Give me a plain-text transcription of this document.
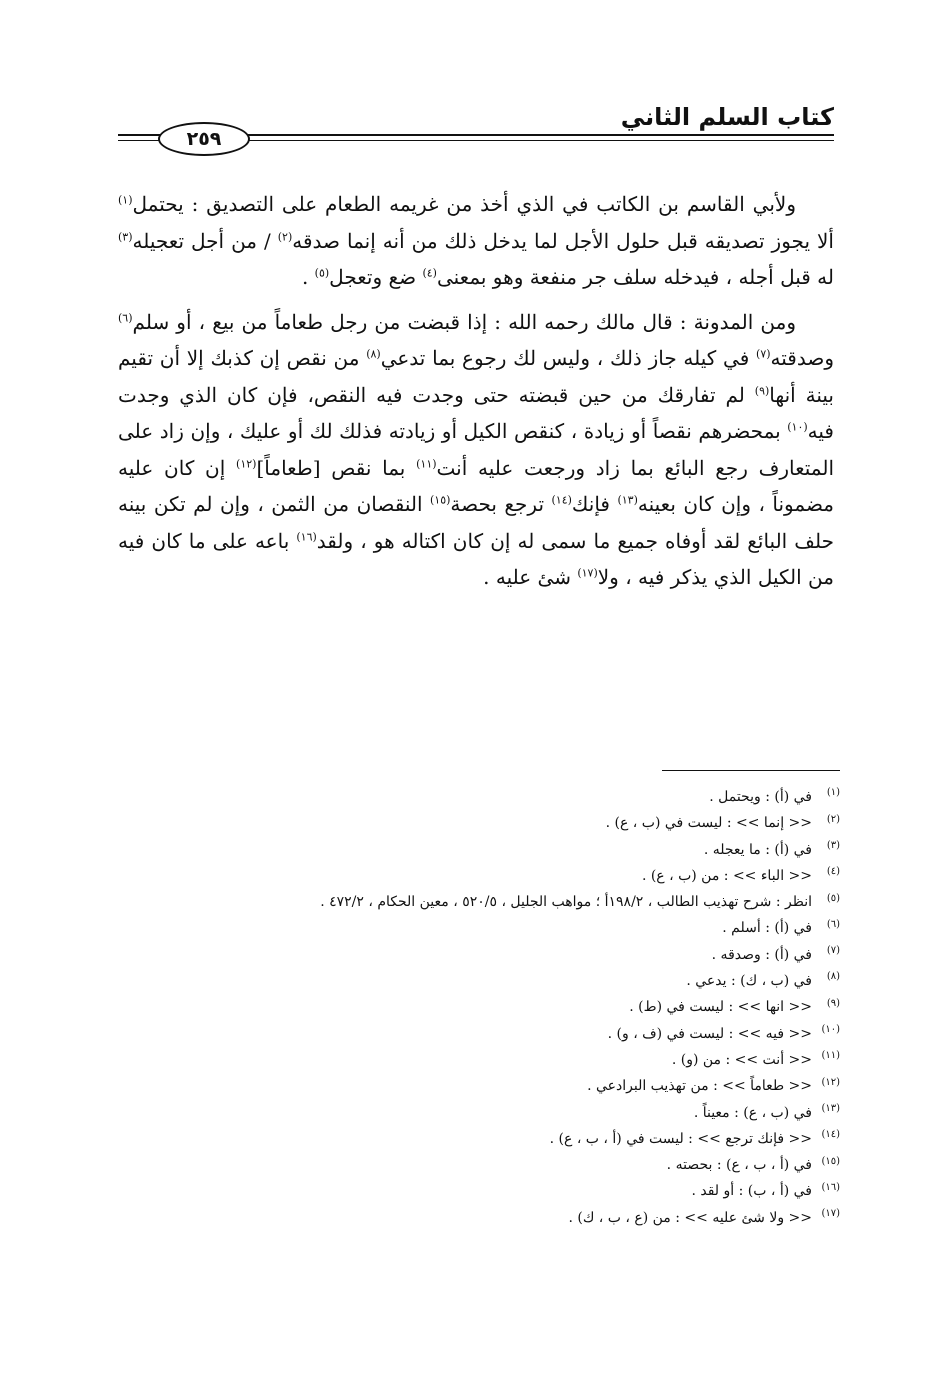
كتاب السلم الثاني
٢٥٩

ولأبي القاسم بن الكاتب في الذي أخذ من غريمه الطعام على التصديق : يحتمل$^{(١)}$ ألا يجوز تصديقه قبل حلول الأجل لما يدخل ذلك من أنه إنما صدقه$^{(٢)}$ / من أجل تعجيله$^{(٣)}$ له قبل أجله ، فيدخله سلف جر منفعة وهو بمعنى$^{(٤)}$ ضع وتعجل$^{(٥)}$ .

ومن المدونة : قال مالك رحمه الله : إذا قبضت من رجل طعاماً من بيع ، أو سلم$^{(٦)}$ وصدقته$^{(٧)}$ في كيله جاز ذلك ، وليس لك رجوع بما تدعي$^{(٨)}$ من نقص إن كذبك إلا أن تقيم بينة أنها$^{(٩)}$ لم تفارقك من حين قبضته حتى وجدت فيه النقص، فإن كان الذي وجدت فيه$^{(١٠)}$ بمحضرهم نقصاً أو زيادة ، كنقص الكيل أو زيادته فذلك لك أو عليك ، وإن زاد على المتعارف رجع البائع بما زاد ورجعت عليه أنت$^{(١١)}$ بما نقص [طعاماً]$^{(١٢)}$ إن كان عليه مضموناً ، وإن كان بعينه$^{(١٣)}$ فإنك$^{(١٤)}$ ترجع بحصة$^{(١٥)}$ النقصان من الثمن ، وإن لم تكن بينه حلف البائع لقد أوفاه جميع ما سمى له إن كان اكتاله هو ، ولقد$^{(١٦)}$ باعه على ما كان فيه من الكيل الذي يذكر فيه ، ولا$^{(١٧)}$ شئ عليه .

(١)في (أ) : ويحتمل .
(٢)<< إنما >> : ليست في (ب ، ع) .
(٣)في (أ) : ما يعجله .
(٤)<< الباء >> : من (ب ، ع) .
(٥)انظر : شرح تهذيب الطالب ، ١٩٨/٢أ ؛ مواهب الجليل ، ٥٢٠/٥ ، معين الحكام ، ٤٧٢/٢ .
(٦)في (أ) : أسلم .
(٧)في (أ) : وصدقه .
(٨)في (ب ، ك) : يدعي .
(٩)<< انها >> : ليست في (ط) .
(١٠)<< فيه >> : ليست في (ف ، و) .
(١١)<< أنت >> : من (و) .
(١٢)<< طعاماً >> : من تهذيب البرادعي .
(١٣)في (ب ، ع) : معيناً .
(١٤)<< فإنك ترجع >> : ليست في (أ ، ب ، ع) .
(١٥)في (أ ، ب ، ع) : بحصته .
(١٦)في (أ ، ب) : أو لقد .
(١٧)<< ولا شئ عليه >> : من (ع ، ب ، ك) .
